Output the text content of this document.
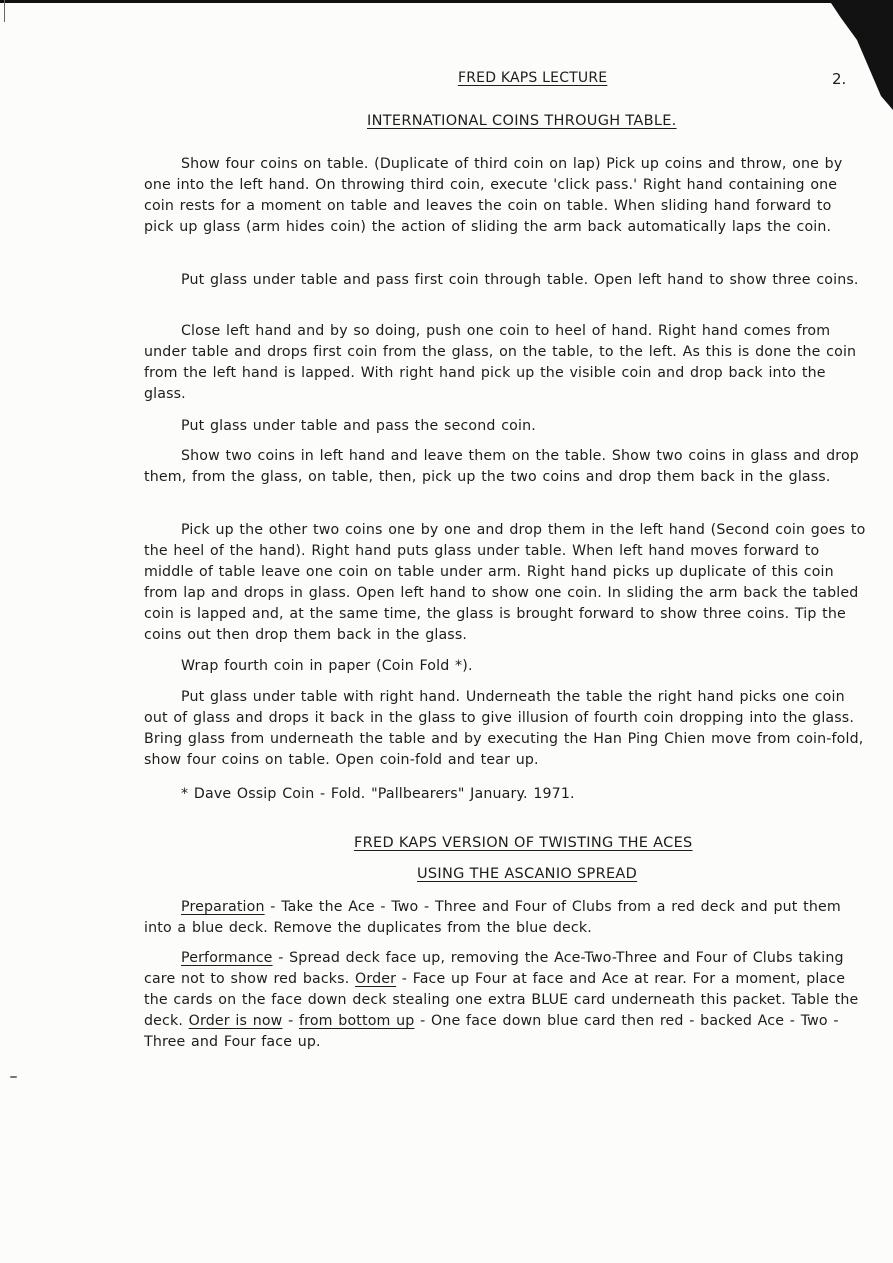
FRED KAPS LECTURE	2.
INTERNATIONAL COINS THROUGH TABLE.

Show four coins on table. (Duplicate of third coin on lap) Pick up coins and throw, one by one into the left hand. On throwing third coin, execute 'click pass.' Right hand containing one coin rests for a moment on table and leaves the coin on table. When sliding hand forward to pick up glass (arm hides coin) the action of sliding the arm back automatically laps the coin.

Put glass under table and pass first coin through table. Open left hand to show three coins.

Close left hand and by so doing, push one coin to heel of hand. Right hand comes from under table and drops first coin from the glass, on the table, to the left. As this is done the coin from the left hand is lapped. With right hand pick up the visible coin and drop back into the glass.

Put glass under table and pass the second coin.

Show two coins in left hand and leave them on the table. Show two coins in glass and drop them, from the glass, on table, then, pick up the two coins and drop them back in the glass.

Pick up the other two coins one by one and drop them in the left hand (Second coin goes to the heel of the hand). Right hand puts glass under table. When left hand moves forward to middle of table leave one coin on table under arm. Right hand picks up duplicate of this coin from lap and drops in glass. Open left hand to show one coin. In sliding the arm back the tabled coin is lapped and, at the same time, the glass is brought forward to show three coins. Tip the coins out then drop them back in the glass.

Wrap fourth coin in paper (Coin Fold *).

Put glass under table with right hand. Underneath the table the right hand picks one coin out of glass and drops it back in the glass to give illusion of fourth coin dropping into the glass. Bring glass from underneath the table and by executing the Han Ping Chien move from coin-fold, show four coins on table. Open coin-fold and tear up.

* Dave Ossip Coin - Fold. "Pallbearers" January. 1971.

FRED KAPS VERSION OF TWISTING THE ACES
USING THE ASCANIO SPREAD

Preparation - Take the Ace - Two - Three and Four of Clubs from a red deck and put them into a blue deck. Remove the duplicates from the blue deck.

Performance - Spread deck face up, removing the Ace-Two-Three and Four of Clubs taking care not to show red backs. Order - Face up Four at face and Ace at rear. For a moment, place the cards on the face down deck stealing one extra BLUE card underneath this packet. Table the deck. Order is now - from bottom up - One face down blue card then red - backed Ace - Two - Three and Four face up.
